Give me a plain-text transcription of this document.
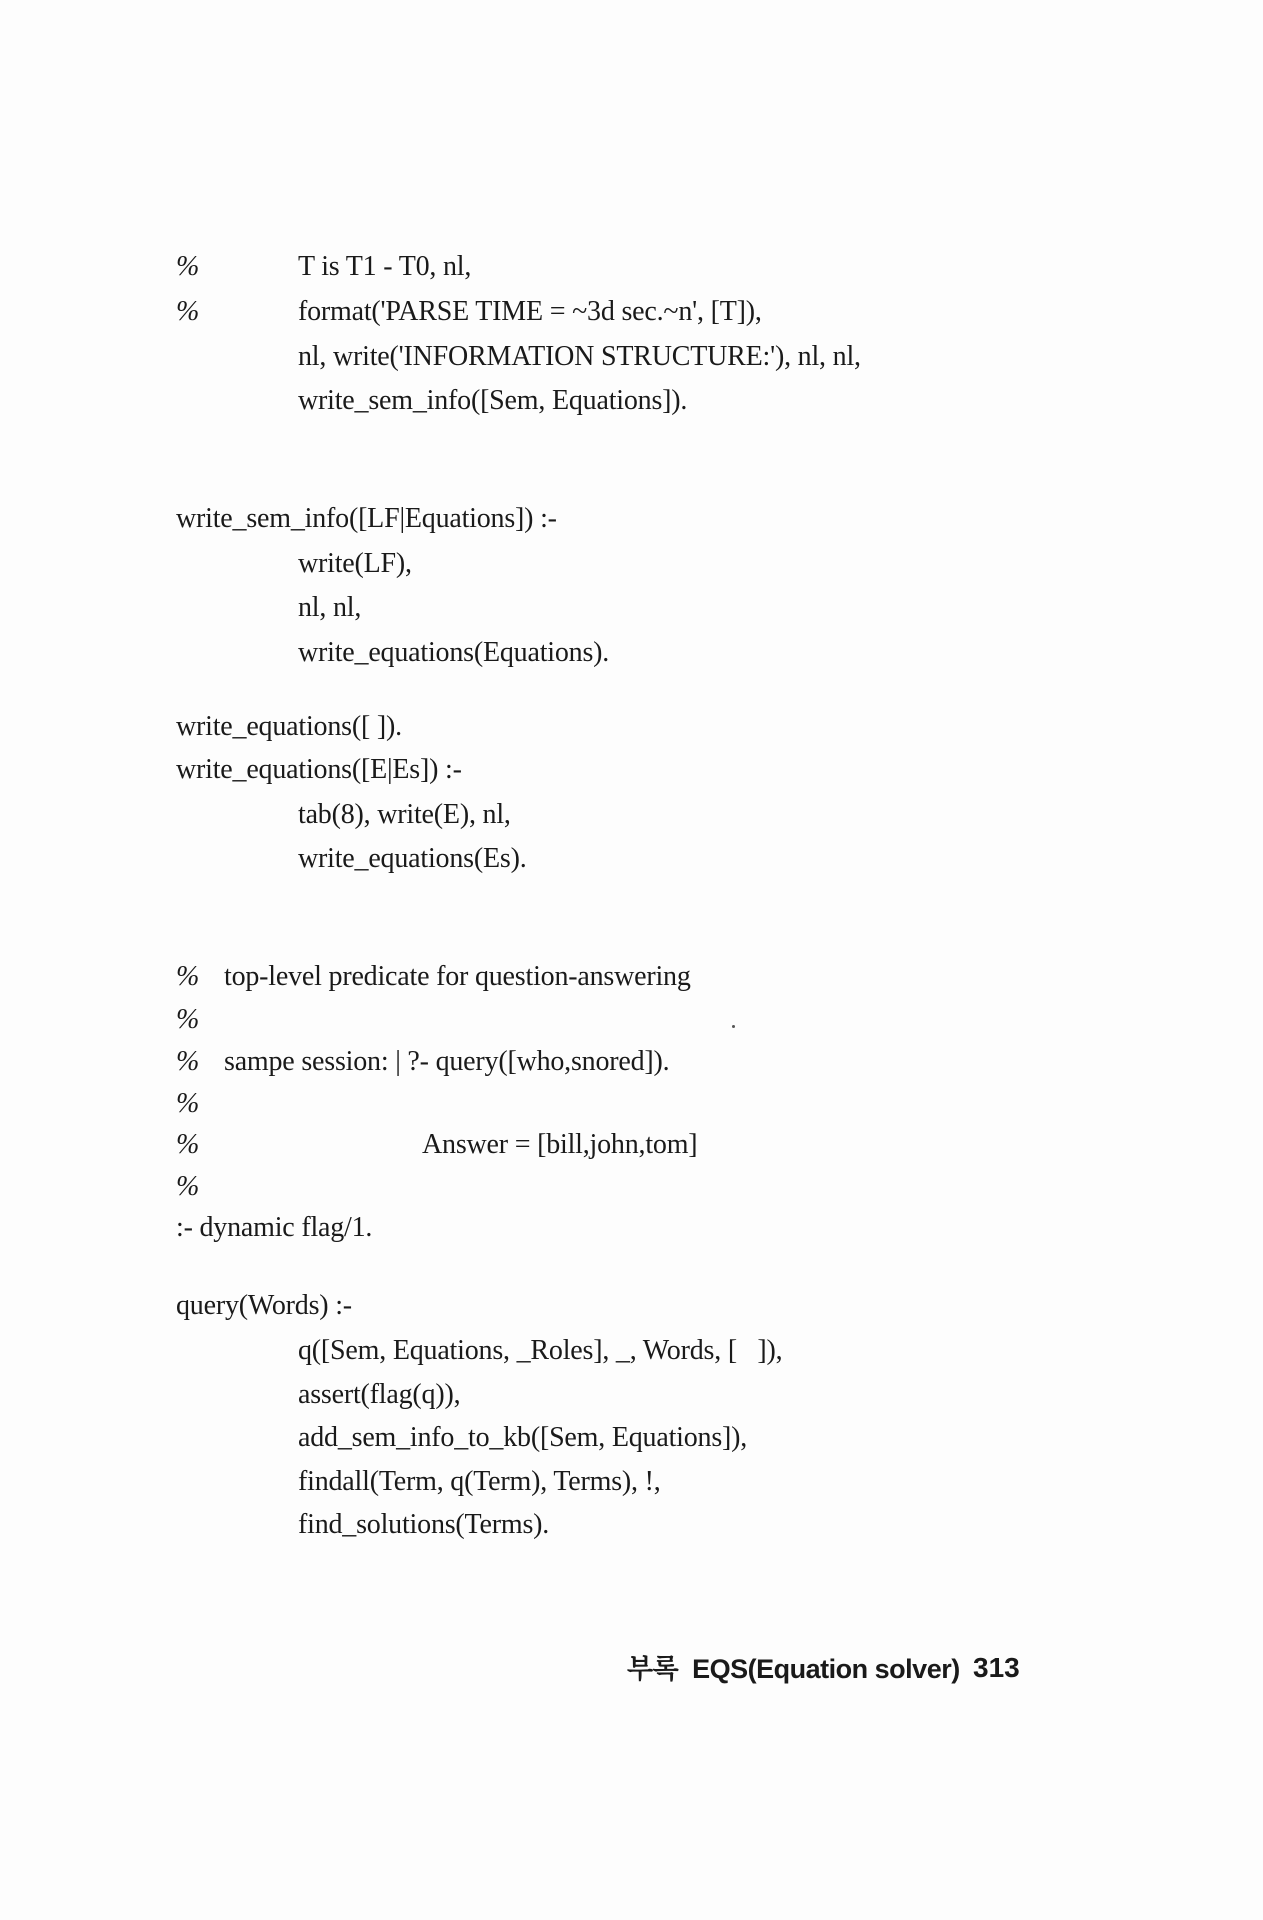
%	T is T1 - T0, nl,
%	format('PARSE TIME = ~3d sec.~n', [T]),
nl, write('INFORMATION STRUCTURE:'), nl, nl,
write_sem_info([Sem, Equations]).
write_sem_info([LF|Equations]) :-
write(LF),
nl, nl,
write_equations(Equations).
write_equations([ ]).
write_equations([E|Es]) :-
tab(8), write(E), nl,
write_equations(Es).
% top-level predicate for question-answering
%
% sampe session: | ?- query([who,snored]).
%
%	Answer = [bill,john,tom]
%
:- dynamic flag/1.
query(Words) :-
q([Sem, Equations, _Roles], _, Words, [   ]),
assert(flag(q)),
add_sem_info_to_kb([Sem, Equations]),
findall(Term, q(Term), Terms), !,
find_solutions(Terms).
부록  EQS(Equation solver) 313
